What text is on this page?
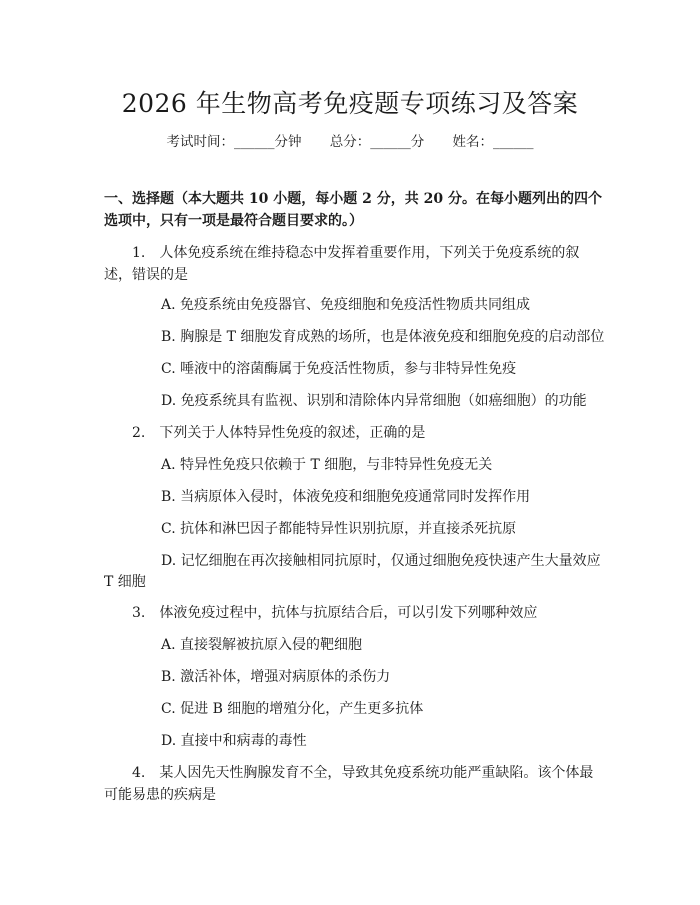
2026 年生物高考免疫题专项练习及答案
考试时间：______分钟 总分：______分 姓名：______
一、选择题（本大题共 10 小题，每小题 2 分，共 20 分。在每小题列出的四个选项中，只有一项是最符合题目要求的。）
1.　人体免疫系统在维持稳态中发挥着重要作用，下列关于免疫系统的叙述，错误的是
A. 免疫系统由免疫器官、免疫细胞和免疫活性物质共同组成
B. 胸腺是 T 细胞发育成熟的场所，也是体液免疫和细胞免疫的启动部位
C. 唾液中的溶菌酶属于免疫活性物质，参与非特异性免疫
D. 免疫系统具有监视、识别和清除体内异常细胞（如癌细胞）的功能
2.　下列关于人体特异性免疫的叙述，正确的是
A. 特异性免疫只依赖于 T 细胞，与非特异性免疫无关
B. 当病原体入侵时，体液免疫和细胞免疫通常同时发挥作用
C. 抗体和淋巴因子都能特异性识别抗原，并直接杀死抗原
D. 记忆细胞在再次接触相同抗原时，仅通过细胞免疫快速产生大量效应
T 细胞
3.　体液免疫过程中，抗体与抗原结合后，可以引发下列哪种效应
A. 直接裂解被抗原入侵的靶细胞
B. 激活补体，增强对病原体的杀伤力
C. 促进 B 细胞的增殖分化，产生更多抗体
D. 直接中和病毒的毒性
4.　某人因先天性胸腺发育不全，导致其免疫系统功能严重缺陷。该个体最可能易患的疾病是
